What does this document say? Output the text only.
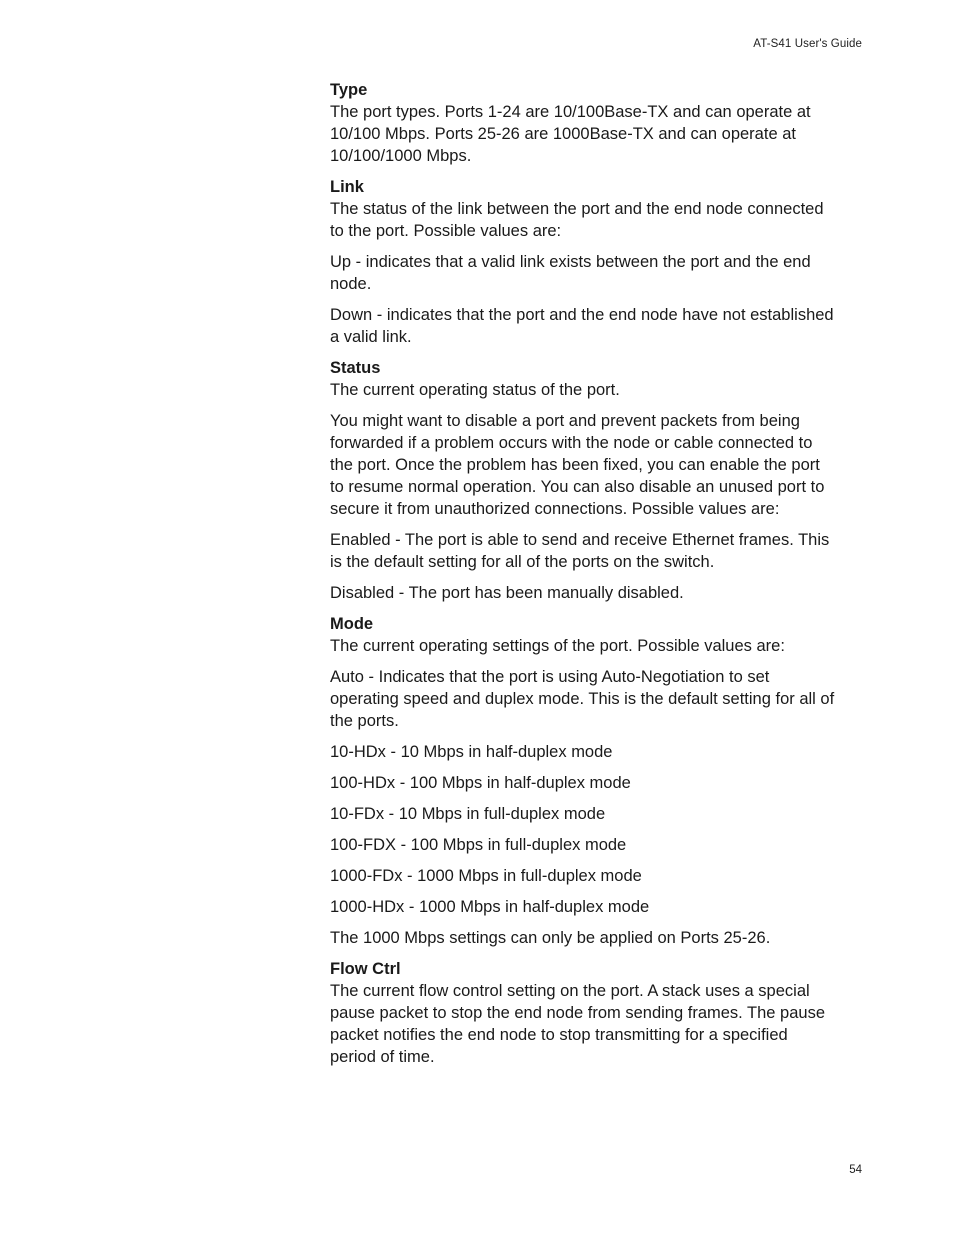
AT-S41 User's Guide

Type

The port types. Ports 1-24 are 10/100Base-TX and can operate at 10/100 Mbps. Ports 25-26 are 1000Base-TX and can operate at 10/100/1000 Mbps.

Link

The status of the link between the port and the end node connected to the port. Possible values are:

Up - indicates that a valid link exists between the port and the end node.

Down - indicates that the port and the end node have not established a valid link.

Status

The current operating status of the port.

You might want to disable a port and prevent packets from being forwarded if a problem occurs with the node or cable connected to the port. Once the problem has been fixed, you can enable the port to resume normal operation. You can also disable an unused port to secure it from unauthorized connections. Possible values are:

Enabled - The port is able to send and receive Ethernet frames. This is the default setting for all of the ports on the switch.

Disabled - The port has been manually disabled.

Mode

The current operating settings of the port. Possible values are:

Auto - Indicates that the port is using Auto-Negotiation to set operating speed and duplex mode. This is the default setting for all of the ports.

10-HDx - 10 Mbps in half-duplex mode

100-HDx - 100 Mbps in half-duplex mode

10-FDx - 10 Mbps in full-duplex mode

100-FDX - 100 Mbps in full-duplex mode

1000-FDx - 1000 Mbps in full-duplex mode

1000-HDx - 1000 Mbps in half-duplex mode

The 1000 Mbps settings can only be applied on Ports 25-26.

Flow Ctrl

The current flow control setting on the port. A stack uses a special pause packet to stop the end node from sending frames. The pause packet notifies the end node to stop transmitting for a specified period of time.

54
